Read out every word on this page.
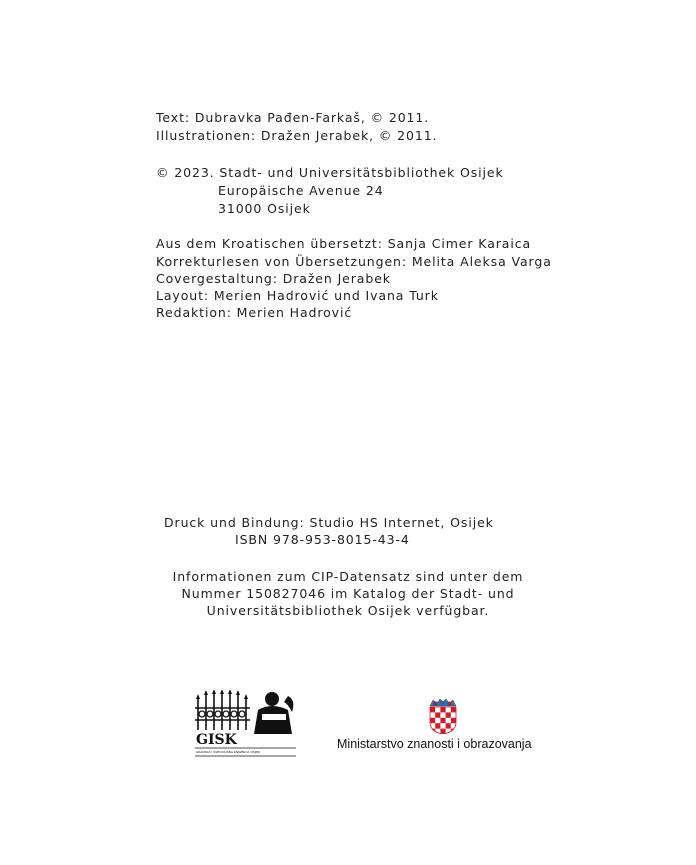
Text: Dubravka Pađen-Farkaš, © 2011.
Illustrationen: Dražen Jerabek, © 2011.
© 2023. Stadt- und Universitätsbibliothek Osijek
Europäische Avenue 24
31000 Osijek
Aus dem Kroatischen übersetzt: Sanja Cimer Karaica
Korrekturlesen von Übersetzungen: Melita Aleksa Varga
Covergestaltung: Dražen Jerabek
Layout: Merien Hadrović und Ivana Turk
Redaktion: Merien Hadrović
Druck und Bindung: Studio HS Internet, Osijek
ISBN 978-953-8015-43-4
Informationen zum CIP-Datensatz sind unter dem
Nummer 150827046 im Katalog der Stadt- und
Universitätsbibliothek Osijek verfügbar.
GISK
GRADSKA I SVEUČILIŠNA KNJIŽNICA OSIJEK
Ministarstvo znanosti i obrazovanja
